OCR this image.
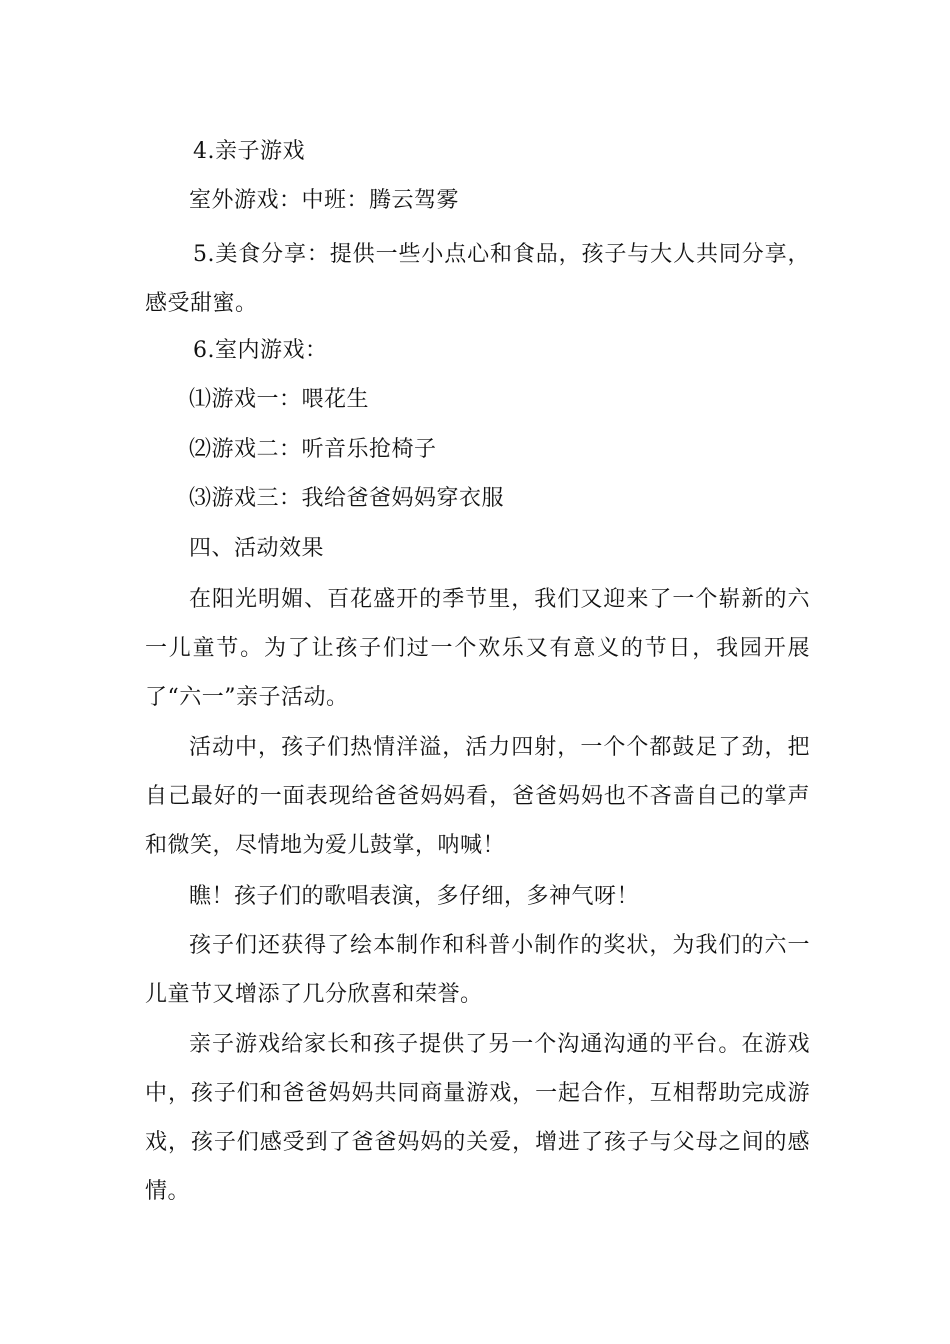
4.亲子游戏
室外游戏：中班：腾云驾雾
5.美食分享：提供一些小点心和食品，孩子与大人共同分享，感受甜蜜。
6.室内游戏：
⑴游戏一：喂花生
⑵游戏二：听音乐抢椅子
⑶游戏三：我给爸爸妈妈穿衣服
四、活动效果
在阳光明媚、百花盛开的季节里，我们又迎来了一个崭新的六一儿童节。为了让孩子们过一个欢乐又有意义的节日，我园开展了“六一”亲子活动。
活动中，孩子们热情洋溢，活力四射，一个个都鼓足了劲，把自己最好的一面表现给爸爸妈妈看，爸爸妈妈也不吝啬自己的掌声和微笑，尽情地为爱儿鼓掌，呐喊！
瞧！孩子们的歌唱表演，多仔细，多神气呀！
孩子们还获得了绘本制作和科普小制作的奖状，为我们的六一儿童节又增添了几分欣喜和荣誉。
亲子游戏给家长和孩子提供了另一个沟通沟通的平台。在游戏中，孩子们和爸爸妈妈共同商量游戏，一起合作，互相帮助完成游戏，孩子们感受到了爸爸妈妈的关爱，增进了孩子与父母之间的感情。
